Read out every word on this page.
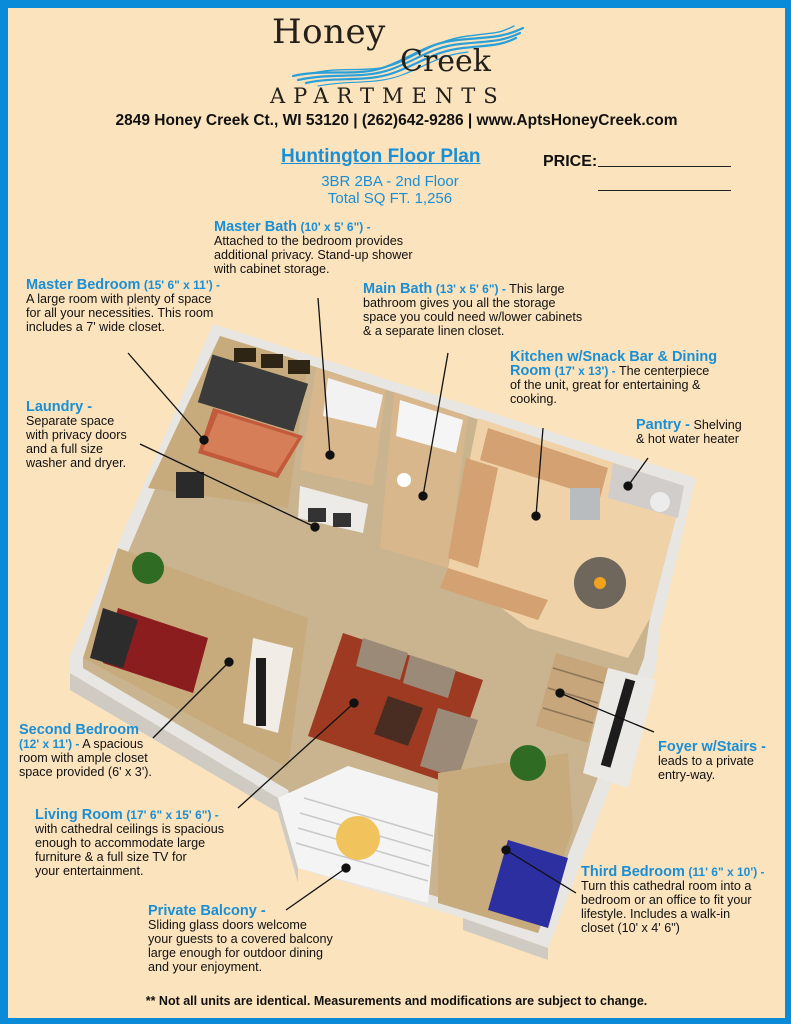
Honey
Creek
APARTMENTS
2849 Honey Creek Ct., WI 53120 | (262)642-9286 | www.AptsHoneyCreek.com
Huntington Floor Plan
3BR 2BA - 2nd Floor
Total SQ FT. 1,256
PRICE:
Master Bath (10' x 5' 6") -
Attached to the bedroom provides
additional privacy. Stand-up shower
with cabinet storage.
Master Bedroom (15' 6" x 11') -
A large room with plenty of space
for all your necessities. This room
includes a 7' wide closet.
Main Bath (13' x 5' 6") - This large
bathroom gives you all the storage
space you could need w/lower cabinets
& a separate linen closet.
Kitchen w/Snack Bar & Dining
Room (17' x 13') - The centerpiece
of the unit, great for entertaining &
cooking.
Pantry - Shelving
& hot water heater
Laundry -
Separate space
with privacy doors
and a full size
washer and dryer.
Second Bedroom
(12' x 11') - A spacious
room with ample closet
space provided (6' x 3').
Foyer w/Stairs -
leads to a private
entry-way.
Living Room (17' 6" x 15' 6") -
with cathedral ceilings is spacious
enough to accommodate large
furniture & a full size TV for
your entertainment.	Third Bedroom (11' 6" x 10') -
Turn this cathedral room into a
bedroom or an office to fit your
lifestyle. Includes a walk-in
closet (10' x 4' 6")
Private Balcony -
Sliding glass doors welcome
your guests to a covered balcony
large enough for outdoor dining
and your enjoyment.
** Not all units are identical. Measurements and modifications are subject to change.
